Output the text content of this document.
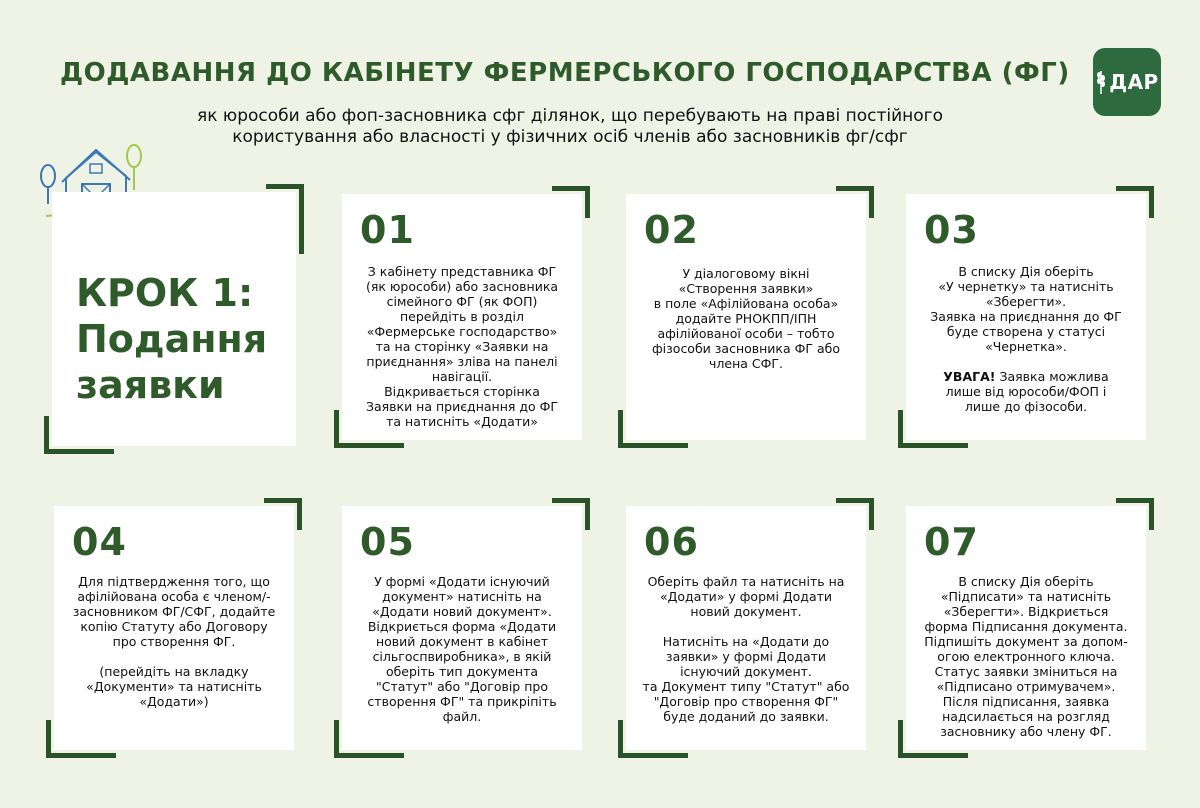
ДОДАВАННЯ ДО КАБІНЕТУ ФЕРМЕРСЬКОГО ГОСПОДАРСТВА (ФГ)
як юрособи або фоп-засновника сфг ділянок, що перебувають на праві постійного
користування або власності у фізичних осіб членів або засновників фг/сфг
ДАР
КРОК 1:
Подання
заявки
01

З кабінету представника ФГ
(як юрособи) або засновника
сімейного ФГ (як ФОП)
перейдіть в розділ
«Фермерське господарство»
та на сторінку «Заявки на
приєднання» зліва на панелі
навігації.
Відкривається сторінка
Заявки на приєднання до ФГ
та натисніть «Додати»

02

У діалоговому вікні
«Створення заявки»
в поле «Афілійована особа»
додайте РНОКПП/ІПН
афілійованої особи – тобто
фізособи засновника ФГ або
члена СФГ.

03

В списку Дія оберіть
«У чернетку» та натисніть
«Зберегти».
Заявка на приєднання до ФГ
буде створена у статусі
«Чернетка».

УВАГА! Заявка можлива
лише від юрособи/ФОП і
лише до фізособи.

04

Для підтвердження того, що
афілійована особа є членом/-
засновником ФГ/СФГ, додайте
копію Статуту або Договору
про створення ФГ.

(перейдіть на вкладку
«Документи» та натисніть
«Додати»)

05

У формі «Додати існуючий
документ» натисніть на
«Додати новий документ».
Відкриється форма «Додати
новий документ в кабінет
сільгоспвиробника», в якій
оберіть тип документа
"Статут" або "Договір про
створення ФГ" та прикріпіть
файл.

06

Оберіть файл та натисніть на
«Додати» у формі Додати
новий документ.

Натисніть на «Додати до
заявки» у формі Додати
існуючий документ.
та Документ типу "Статут" або
"Договір про створення ФГ"
буде доданий до заявки.

07

В списку Дія оберіть
«Підписати» та натисніть
«Зберегти». Відкриється
форма Підписання документа.
Підпишіть документ за допом-
огою електронного ключа.
Статус заявки зміниться на
«Підписано отримувачем».
Після підписання, заявка
надсилається на розгляд
засновнику або члену ФГ.
